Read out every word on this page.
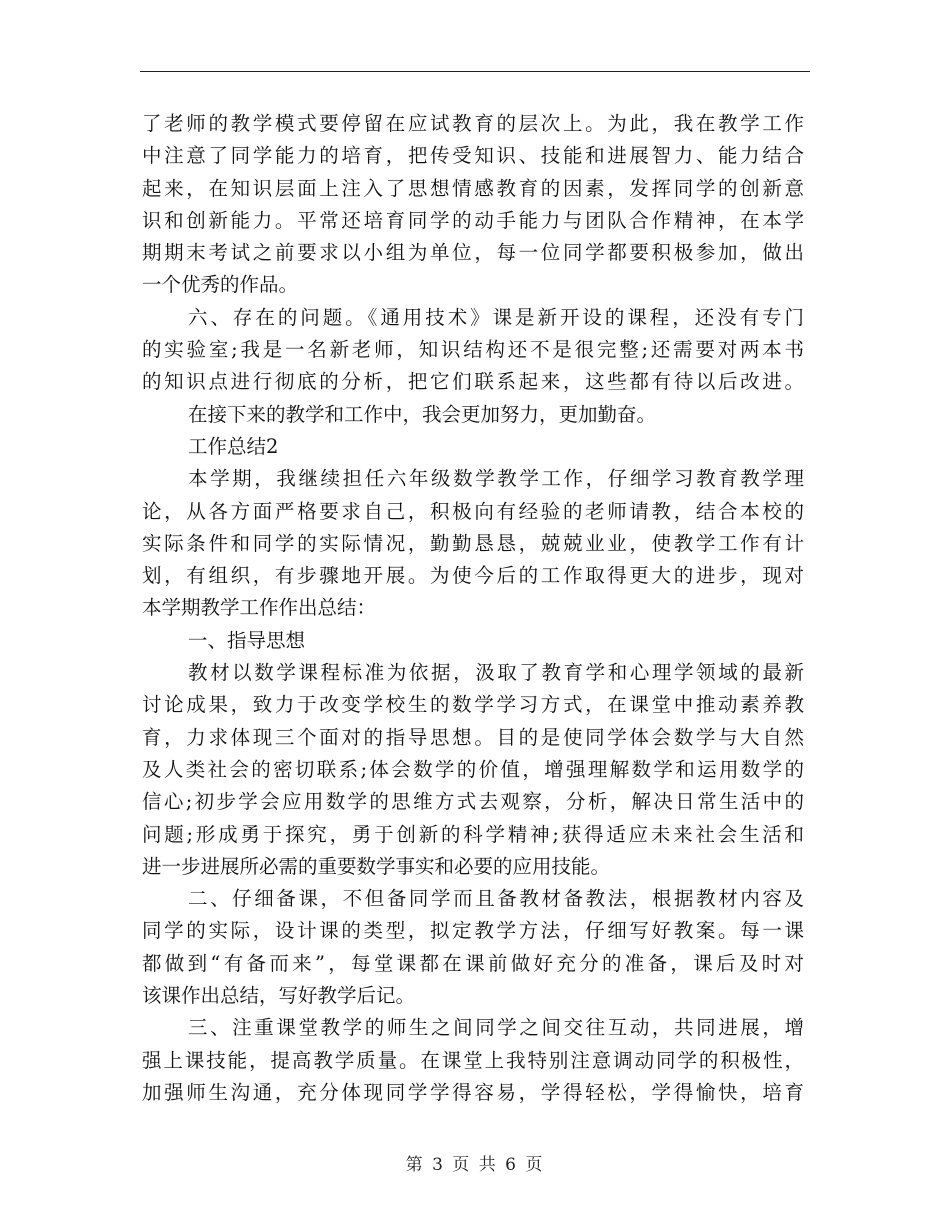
了老师的教学模式要停留在应试教育的层次上。为此，我在教学工作
中注意了同学能力的培育，把传受知识、技能和进展智力、能力结合
起来，在知识层面上注入了思想情感教育的因素，发挥同学的创新意
识和创新能力。平常还培育同学的动手能力与团队合作精神，在本学
期期末考试之前要求以小组为单位，每一位同学都要积极参加，做出
一个优秀的作品。
六、存在的问题。《通用技术》课是新开设的课程，还没有专门
的实验室;我是一名新老师，知识结构还不是很完整;还需要对两本书
的知识点进行彻底的分析，把它们联系起来，这些都有待以后改进。
在接下来的教学和工作中，我会更加努力，更加勤奋。
工作总结2
本学期，我继续担任六年级数学教学工作，仔细学习教育教学理
论，从各方面严格要求自己，积极向有经验的老师请教，结合本校的
实际条件和同学的实际情况，勤勤恳恳，兢兢业业，使教学工作有计
划，有组织，有步骤地开展。为使今后的工作取得更大的进步，现对
本学期教学工作作出总结：
一、指导思想
教材以数学课程标准为依据，汲取了教育学和心理学领域的最新
讨论成果，致力于改变学校生的数学学习方式，在课堂中推动素养教
育，力求体现三个面对的指导思想。目的是使同学体会数学与大自然
及人类社会的密切联系;体会数学的价值，增强理解数学和运用数学的
信心;初步学会应用数学的思维方式去观察，分析，解决日常生活中的
问题;形成勇于探究，勇于创新的科学精神;获得适应未来社会生活和
进一步进展所必需的重要数学事实和必要的应用技能。
二、仔细备课，不但备同学而且备教材备教法，根据教材内容及
同学的实际，设计课的类型，拟定教学方法，仔细写好教案。每一课
都做到“有备而来”，每堂课都在课前做好充分的准备，课后及时对
该课作出总结，写好教学后记。
三、注重课堂教学的师生之间同学之间交往互动，共同进展，增
强上课技能，提高教学质量。在课堂上我特别注意调动同学的积极性，
加强师生沟通，充分体现同学学得容易，学得轻松，学得愉快，培育
第 3 页 共 6 页
